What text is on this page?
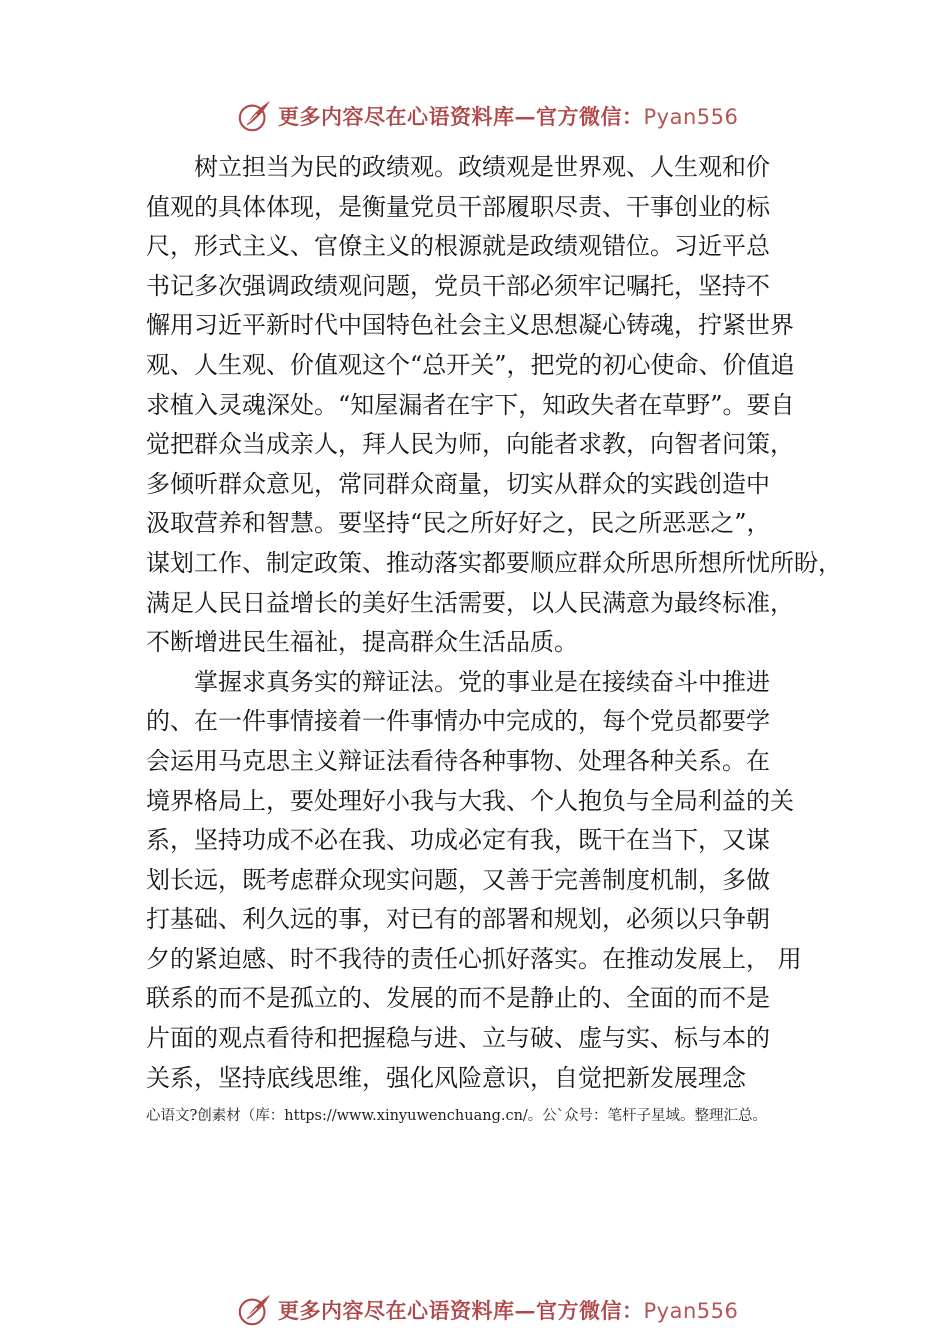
更多内容尽在心语资料库—官方微信：Pyan556
　　树立担当为民的政绩观。政绩观是世界观、人生观和价
值观的具体体现，是衡量党员干部履职尽责、干事创业的标
尺，形式主义、官僚主义的根源就是政绩观错位。习近平总
书记多次强调政绩观问题，党员干部必须牢记嘱托，坚持不
懈用习近平新时代中国特色社会主义思想凝心铸魂，拧紧世界
观、人生观、价值观这个“总开关”，把党的初心使命、价值追
求植入灵魂深处。“知屋漏者在宇下，知政失者在草野”。要自
觉把群众当成亲人，拜人民为师，向能者求教，向智者问策，
多倾听群众意见，常同群众商量，切实从群众的实践创造中
汲取营养和智慧。要坚持“民之所好好之，民之所恶恶之”，
谋划工作、制定政策、推动落实都要顺应群众所思所想所忧所盼，
满足人民日益增长的美好生活需要，以人民满意为最终标准，
不断增进民生福祉，提高群众生活品质。
　　掌握求真务实的辩证法。党的事业是在接续奋斗中推进
的、在一件事情接着一件事情办中完成的，每个党员都要学
会运用马克思主义辩证法看待各种事物、处理各种关系。在
境界格局上，要处理好小我与大我、个人抱负与全局利益的关
系，坚持功成不必在我、功成必定有我，既干在当下，又谋
划长远，既考虑群众现实问题，又善于完善制度机制，多做
打基础、利久远的事，对已有的部署和规划，必须以只争朝
夕的紧迫感、时不我待的责任心抓好落实。在推动发展上， 用
联系的而不是孤立的、发展的而不是静止的、全面的而不是
片面的观点看待和把握稳与进、立与破、虚与实、标与本的
关系，坚持底线思维，强化风险意识，自觉把新发展理念
心语文?创素材（库：https://www.xinyuwenchuang.cn/。公`众号：笔杆子星域。整理汇总。
更多内容尽在心语资料库—官方微信：Pyan556
